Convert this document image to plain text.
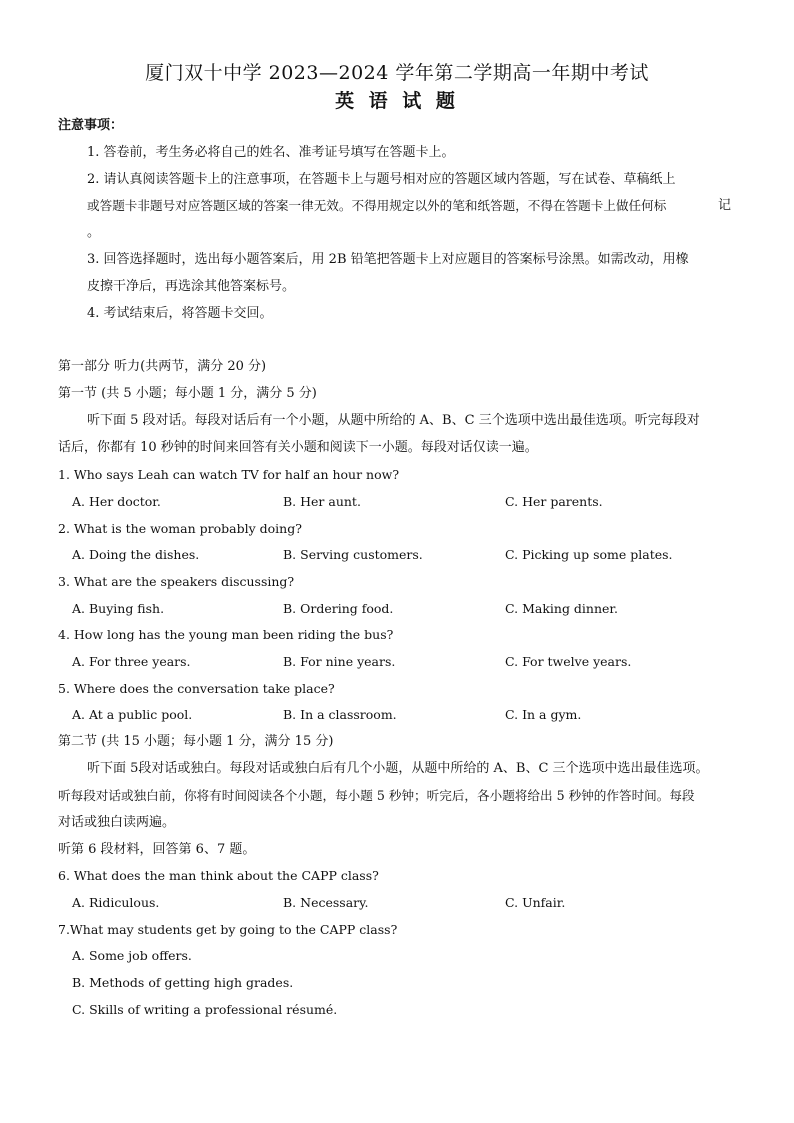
厦门双十中学 2023—2024 学年第二学期高一年期中考试
英 语 试 题
注意事项：
1. 答卷前，考生务必将自己的姓名、准考证号填写在答题卡上。
2. 请认真阅读答题卡上的注意事项，在答题卡上与题号相对应的答题区域内答题，写在试卷、草稿纸上
或答题卡非题号对应答题区域的答案一律无效。不得用规定以外的笔和纸答题，不得在答题卡上做任何标	记
。
3. 回答选择题时，选出每小题答案后，用 2B 铅笔把答题卡上对应题目的答案标号涂黑。如需改动，用橡
皮擦干净后，再选涂其他答案标号。
4. 考试结束后，将答题卡交回。
第一部分 听力(共两节，满分 20 分)
第一节 (共 5 小题；每小题 1 分，满分 5 分)
听下面 5 段对话。每段对话后有一个小题，从题中所给的 A、B、C 三个选项中选出最佳选项。听完每段对
话后，你都有 10 秒钟的时间来回答有关小题和阅读下一小题。每段对话仅读一遍。
1. Who says Leah can watch TV for half an hour now?
A. Her doctor.	B. Her aunt.	C. Her parents.
2. What is the woman probably doing?
A. Doing the dishes.	B. Serving customers.	C. Picking up some plates.
3. What are the speakers discussing?
A. Buying fish.	B. Ordering food.	C. Making dinner.
4. How long has the young man been riding the bus?
A. For three years.	B. For nine years.	C. For twelve years.
5. Where does the conversation take place?
A. At a public pool.	B. In a classroom.	C. In a gym.
第二节 (共 15 小题；每小题 1 分，满分 15 分)
听下面 5段对话或独白。每段对话或独白后有几个小题，从题中所给的 A、B、C 三个选项中选出最佳选项。
听每段对话或独白前，你将有时间阅读各个小题，每小题 5 秒钟；听完后，各小题将给出 5 秒钟的作答时间。每段
对话或独白读两遍。
听第 6 段材料，回答第 6、7 题。
6. What does the man think about the CAPP class?
A. Ridiculous.	B. Necessary.	C. Unfair.
7.What may students get by going to the CAPP class?
A. Some job offers.
B. Methods of getting high grades.
C. Skills of writing a professional résumé.
